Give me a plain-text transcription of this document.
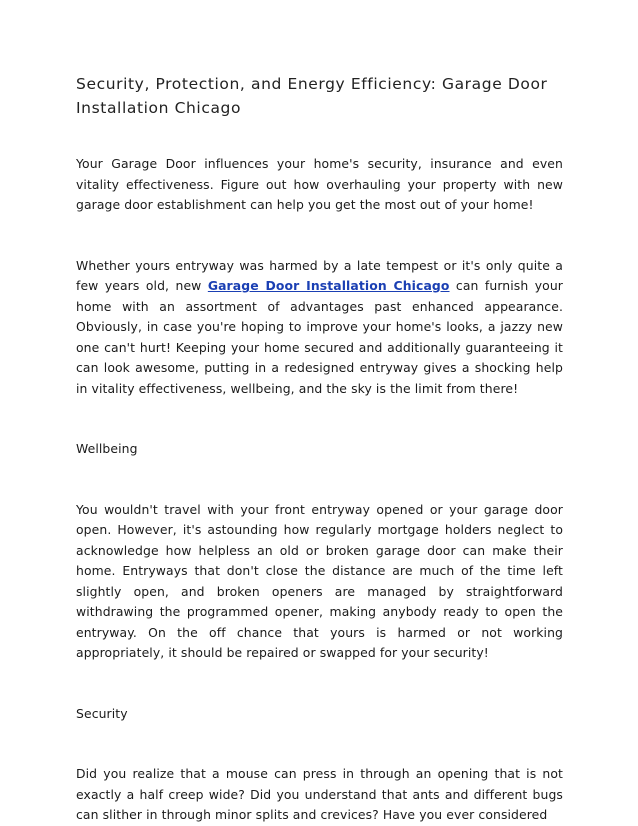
Security, Protection, and Energy Efficiency: Garage Door Installation Chicago

Your Garage Door influences your home's security, insurance and even vitality effectiveness. Figure out how overhauling your property with new garage door establishment can help you get the most out of your home!

Whether yours entryway was harmed by a late tempest or it's only quite a few years old, new Garage Door Installation Chicago can furnish your home with an assortment of advantages past enhanced appearance. Obviously, in case you're hoping to improve your home's looks, a jazzy new one can't hurt! Keeping your home secured and additionally guaranteeing it can look awesome, putting in a redesigned entryway gives a shocking help in vitality effectiveness, wellbeing, and the sky is the limit from there!

Wellbeing

You wouldn't travel with your front entryway opened or your garage door open. However, it's astounding how regularly mortgage holders neglect to acknowledge how helpless an old or broken garage door can make their home. Entryways that don't close the distance are much of the time left slightly open, and broken openers are managed by straightforward withdrawing the programmed opener, making anybody ready to open the entryway. On the off chance that yours is harmed or not working appropriately, it should be repaired or swapped for your security!

Security

Did you realize that a mouse can press in through an opening that is not exactly a half creep wide? Did you understand that ants and different bugs can slither in through minor splits and crevices? Have you ever considered
